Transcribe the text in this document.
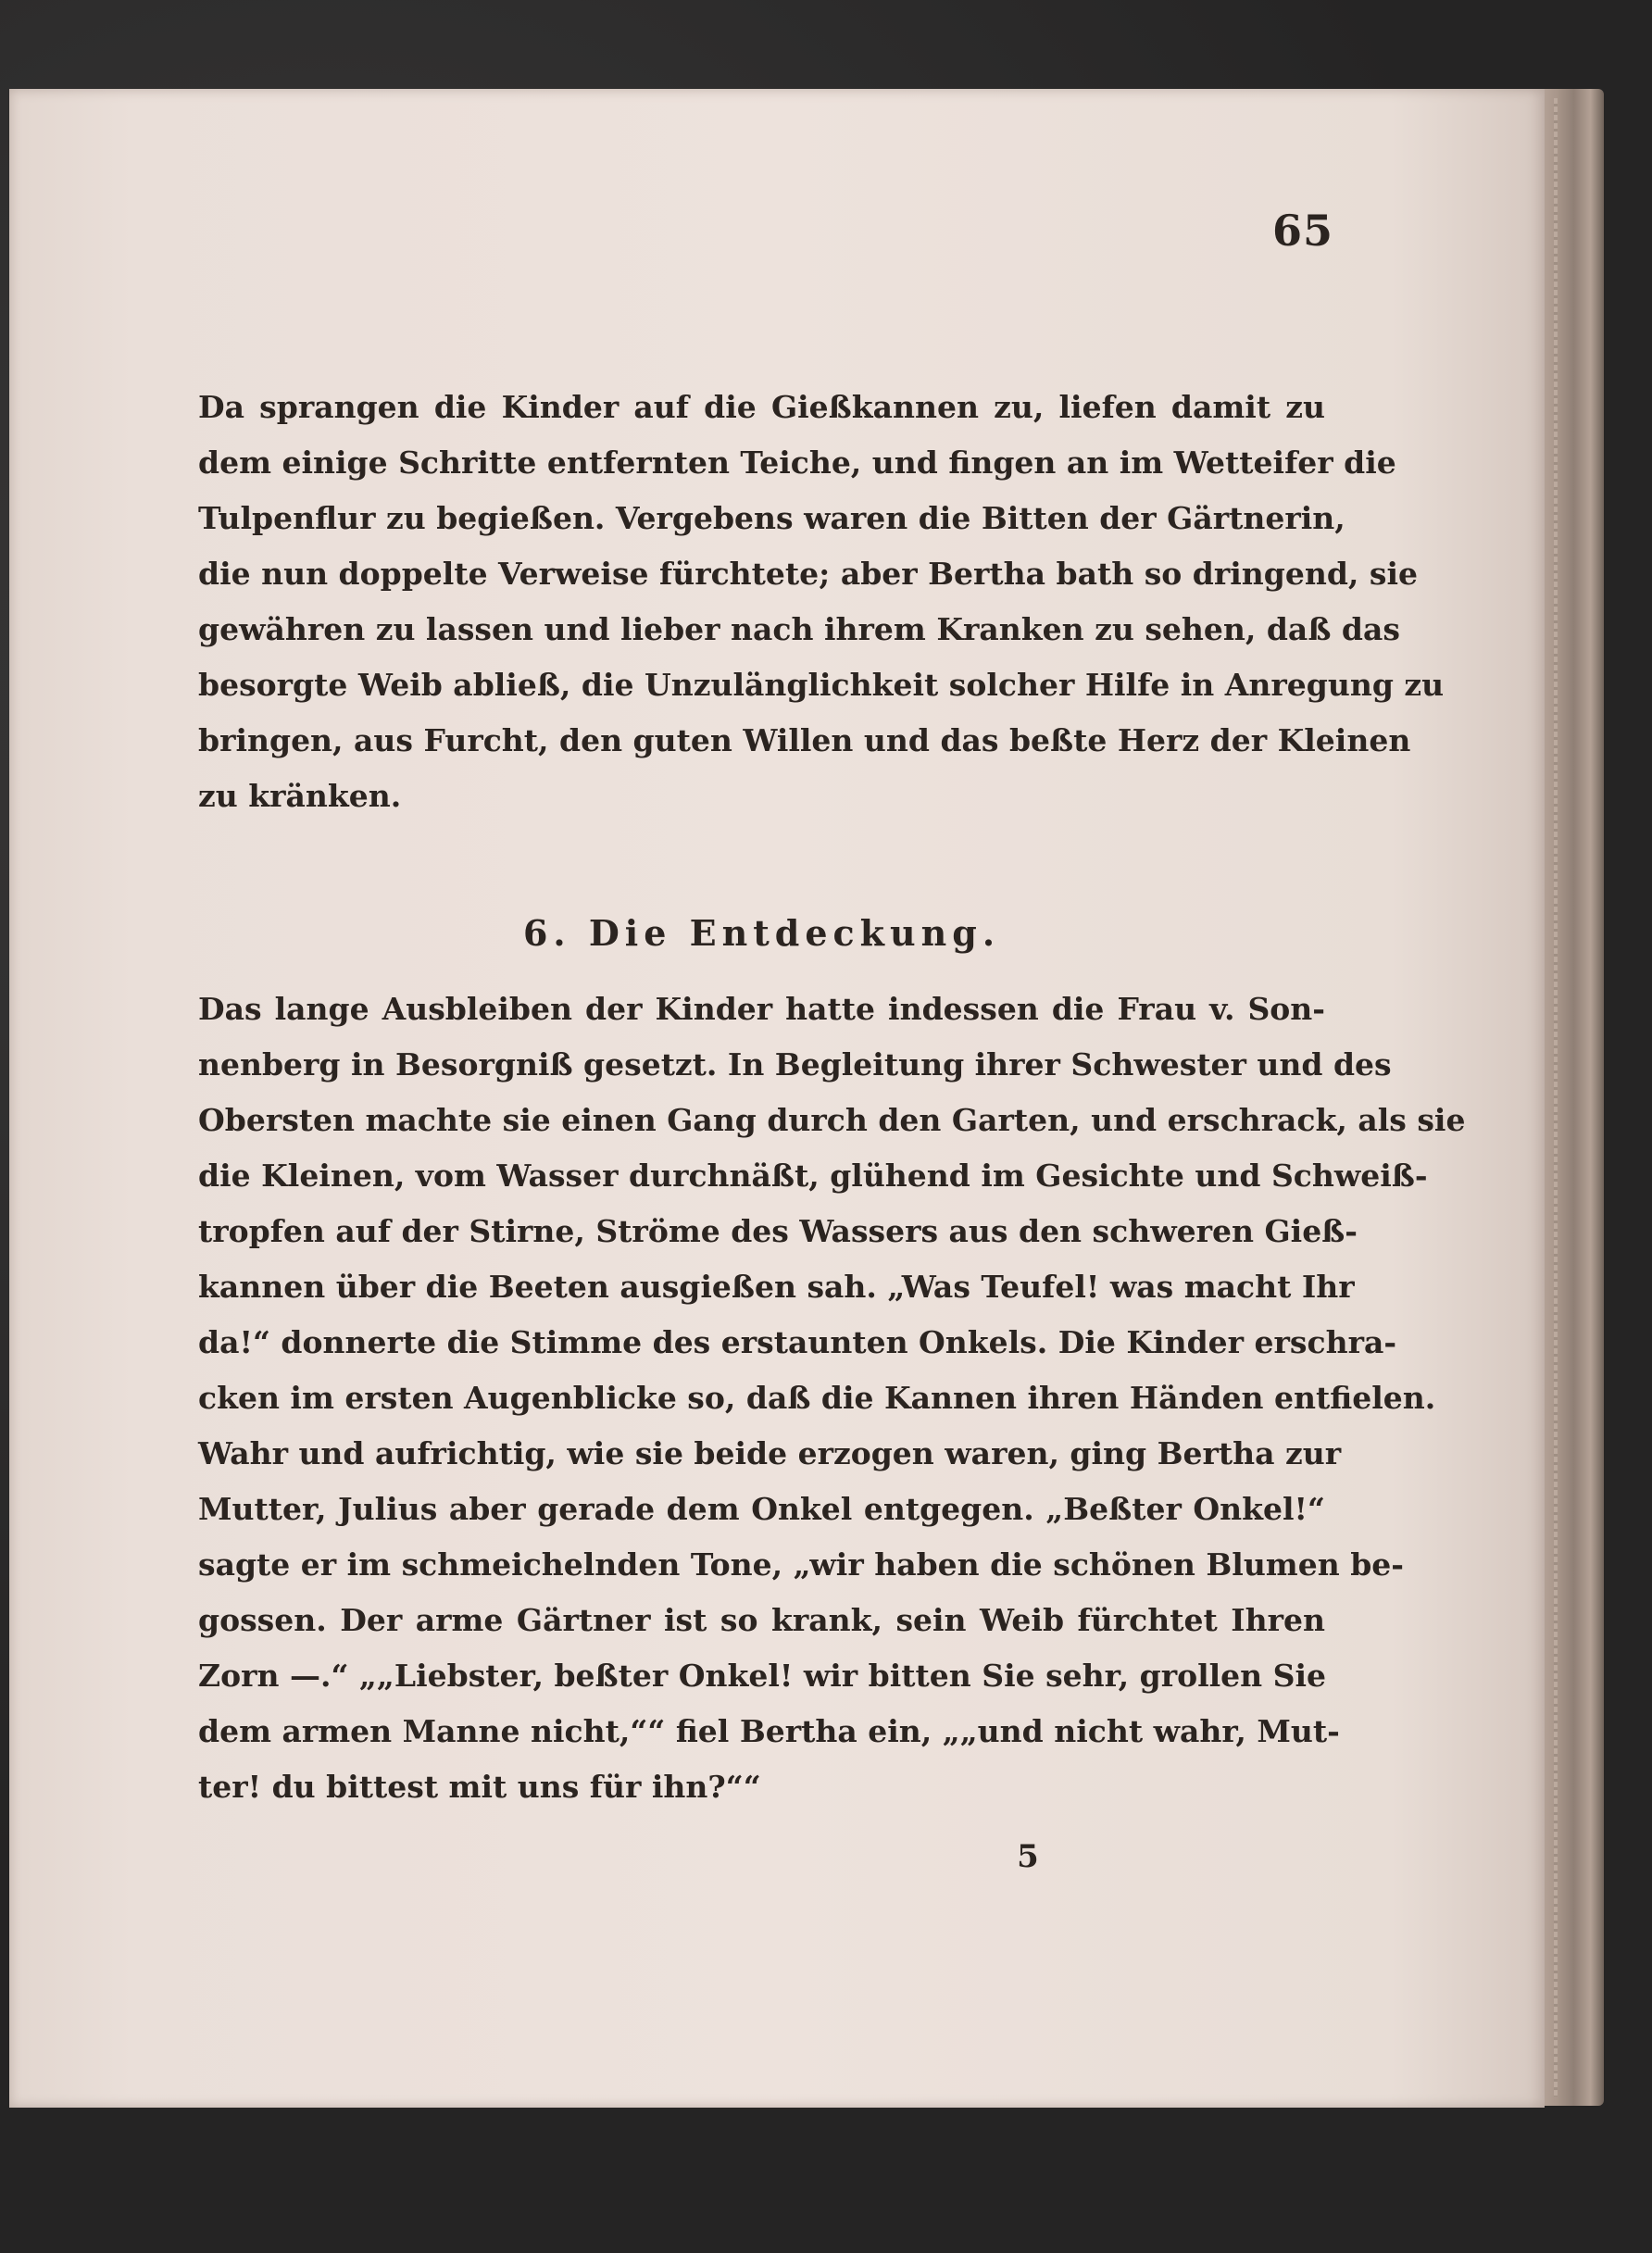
65
Da sprangen die Kinder auf die Gießkannen zu, liefen damit zu
dem einige Schritte entfernten Teiche, und fingen an im Wetteifer die
Tulpenflur zu begießen. Vergebens waren die Bitten der Gärtnerin,
die nun doppelte Verweise fürchtete; aber Bertha bath so dringend, sie
gewähren zu lassen und lieber nach ihrem Kranken zu sehen, daß das
besorgte Weib abließ, die Unzulänglichkeit solcher Hilfe in Anregung zu
bringen, aus Furcht, den guten Willen und das beßte Herz der Kleinen
zu kränken.
6. Die Entdeckung.
Das lange Ausbleiben der Kinder hatte indessen die Frau v. Son-
nenberg in Besorgniß gesetzt. In Begleitung ihrer Schwester und des
Obersten machte sie einen Gang durch den Garten, und erschrack, als sie
die Kleinen, vom Wasser durchnäßt, glühend im Gesichte und Schweiß-
tropfen auf der Stirne, Ströme des Wassers aus den schweren Gieß-
kannen über die Beeten ausgießen sah. „Was Teufel! was macht Ihr
da!“ donnerte die Stimme des erstaunten Onkels. Die Kinder erschra-
cken im ersten Augenblicke so, daß die Kannen ihren Händen entfielen.
Wahr und aufrichtig, wie sie beide erzogen waren, ging Bertha zur
Mutter, Julius aber gerade dem Onkel entgegen. „Beßter Onkel!“
sagte er im schmeichelnden Tone, „wir haben die schönen Blumen be-
gossen. Der arme Gärtner ist so krank, sein Weib fürchtet Ihren
Zorn —.“ „„Liebster, beßter Onkel! wir bitten Sie sehr, grollen Sie
dem armen Manne nicht,““ fiel Bertha ein, „„und nicht wahr, Mut-
ter! du bittest mit uns für ihn?““
5
